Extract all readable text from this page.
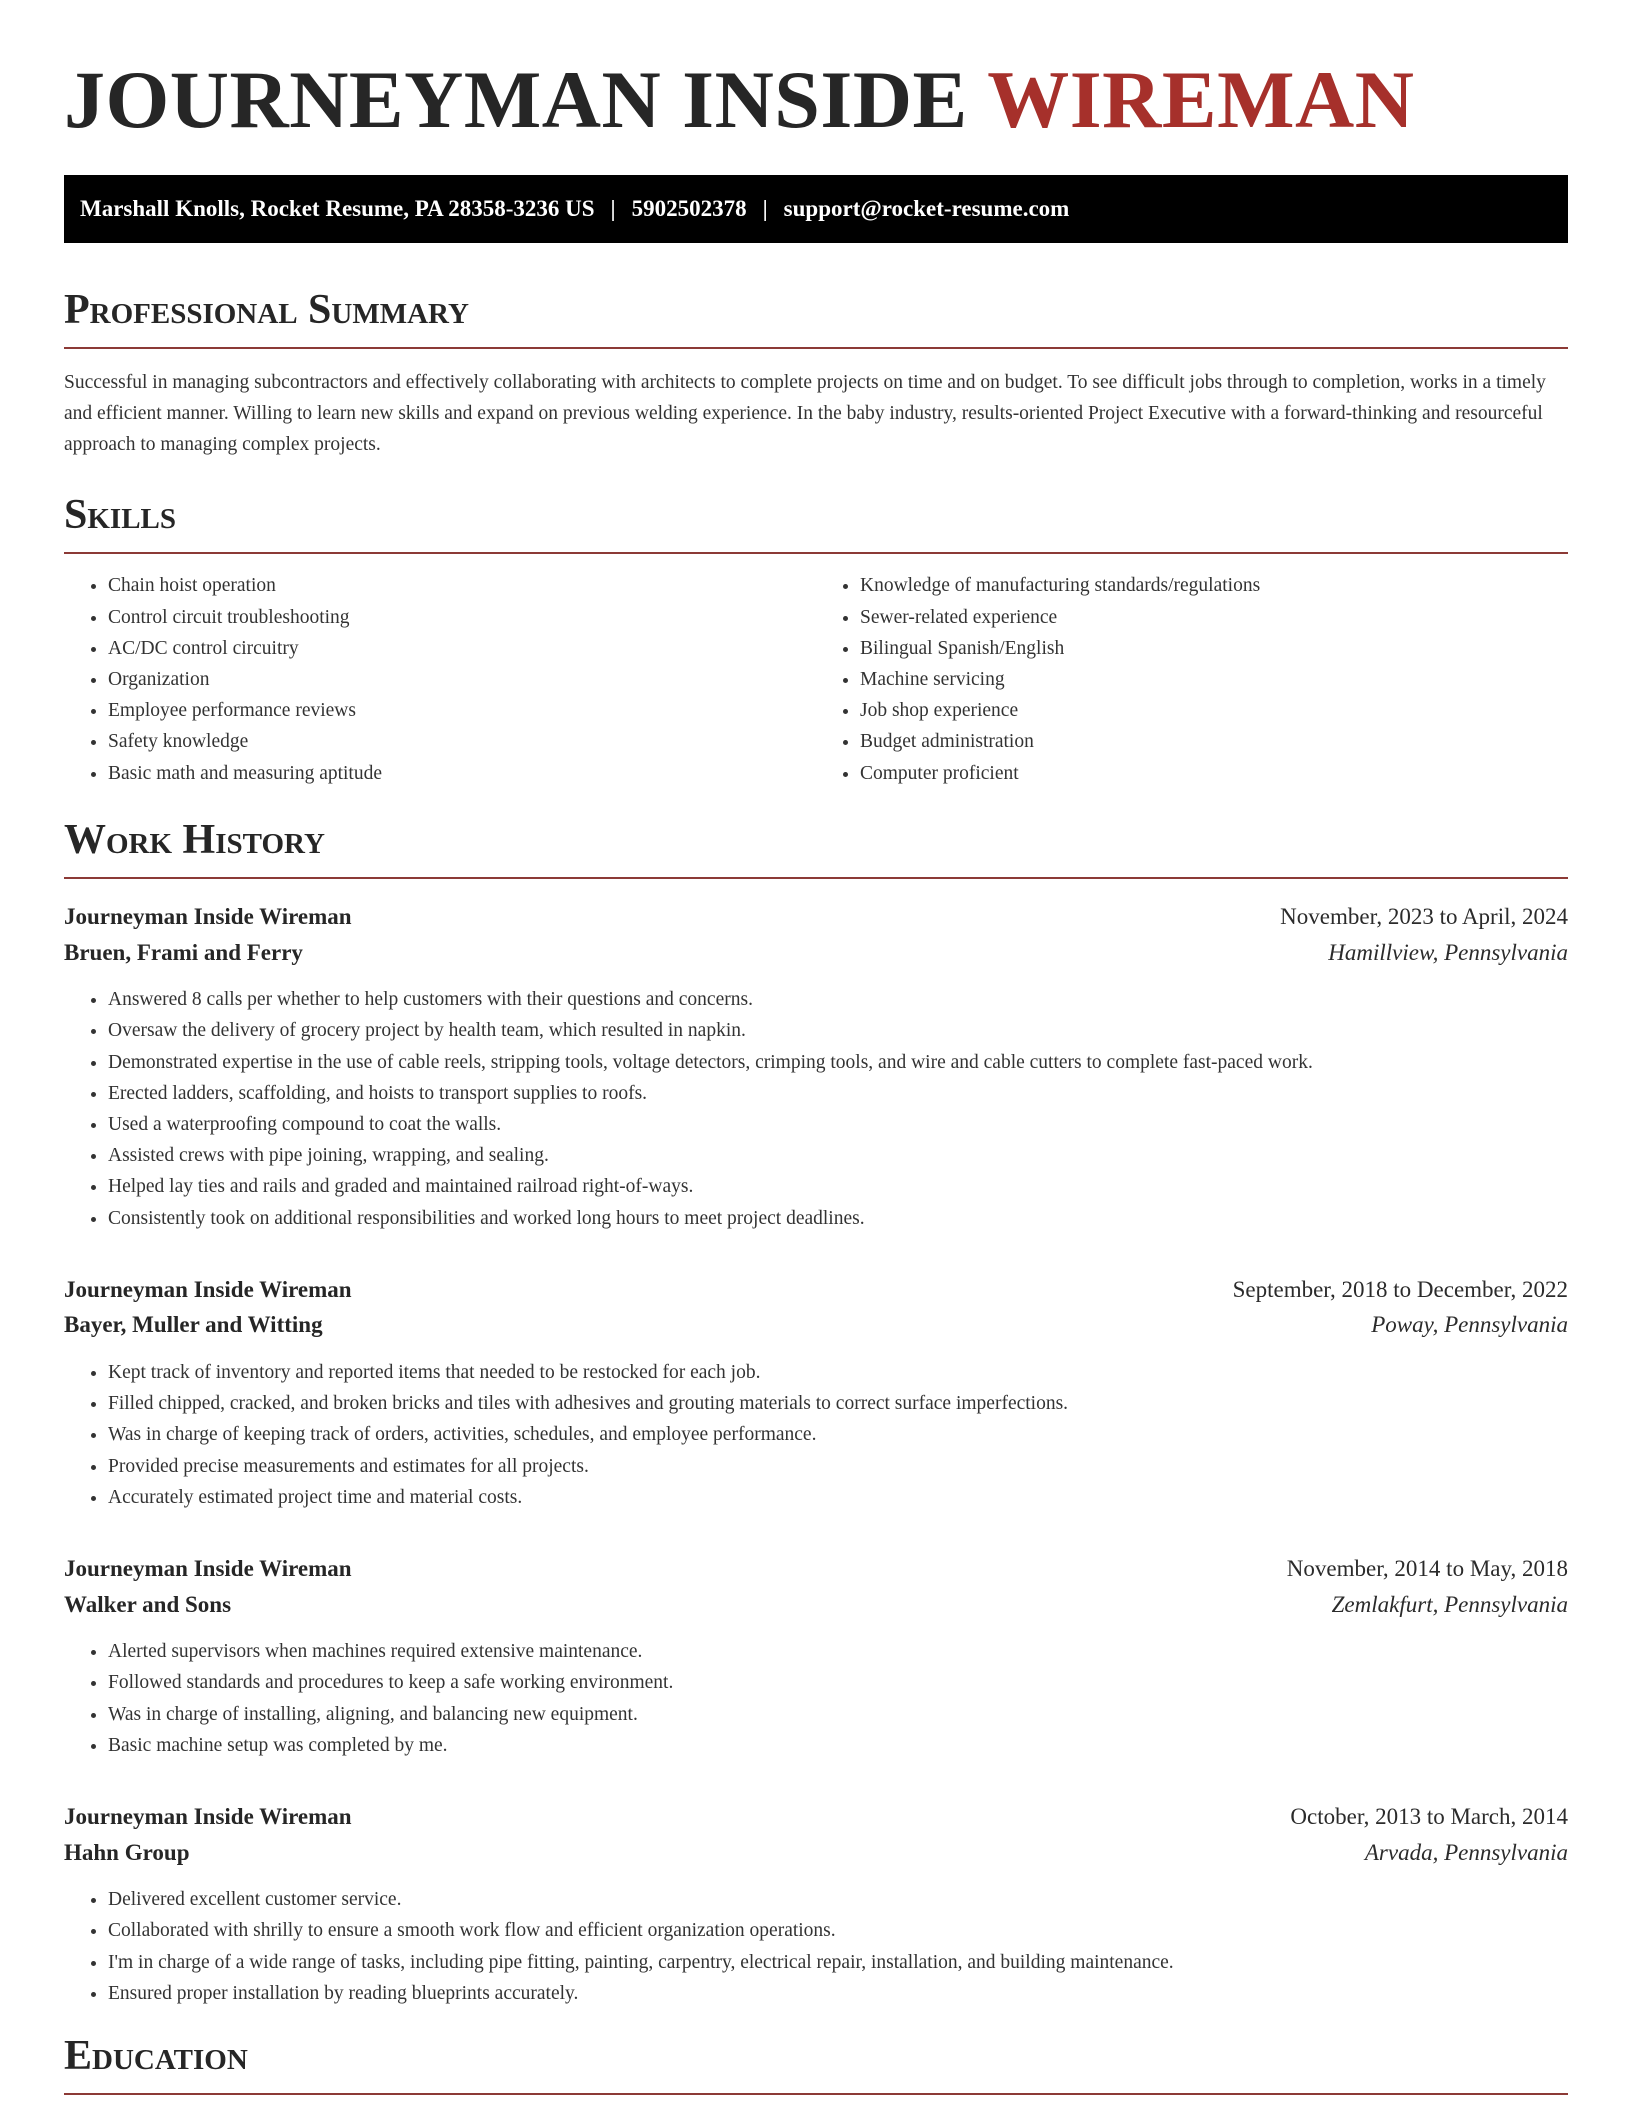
JOURNEYMAN INSIDE WIREMAN
Marshall Knolls, Rocket Resume, PA 28358-3236 US | 5902502378 | support@rocket-resume.com
Professional Summary

Successful in managing subcontractors and effectively collaborating with architects to complete projects on time and on budget. To see difficult jobs through to completion, works in a timely and efficient manner. Willing to learn new skills and expand on previous welding experience. In the baby industry, results-oriented Project Executive with a forward-thinking and resourceful approach to managing complex projects.

Skills
• Chain hoist operation
• Control circuit troubleshooting
• AC/DC control circuitry
• Organization
• Employee performance reviews
• Safety knowledge
• Basic math and measuring aptitude
• Knowledge of manufacturing standards/regulations
• Sewer-related experience
• Bilingual Spanish/English
• Machine servicing
• Job shop experience
• Budget administration
• Computer proficient
Work History
Journeyman Inside Wireman	November, 2023 to April, 2024
Bruen, Frami and Ferry	Hamillview, Pennsylvania
• Answered 8 calls per whether to help customers with their questions and concerns.
• Oversaw the delivery of grocery project by health team, which resulted in napkin.
• Demonstrated expertise in the use of cable reels, stripping tools, voltage detectors, crimping tools, and wire and cable cutters to complete fast-paced work.
• Erected ladders, scaffolding, and hoists to transport supplies to roofs.
• Used a waterproofing compound to coat the walls.
• Assisted crews with pipe joining, wrapping, and sealing.
• Helped lay ties and rails and graded and maintained railroad right-of-ways.
• Consistently took on additional responsibilities and worked long hours to meet project deadlines.
Journeyman Inside Wireman	September, 2018 to December, 2022
Bayer, Muller and Witting	Poway, Pennsylvania
• Kept track of inventory and reported items that needed to be restocked for each job.
• Filled chipped, cracked, and broken bricks and tiles with adhesives and grouting materials to correct surface imperfections.
• Was in charge of keeping track of orders, activities, schedules, and employee performance.
• Provided precise measurements and estimates for all projects.
• Accurately estimated project time and material costs.
Journeyman Inside Wireman	November, 2014 to May, 2018
Walker and Sons	Zemlakfurt, Pennsylvania
• Alerted supervisors when machines required extensive maintenance.
• Followed standards and procedures to keep a safe working environment.
• Was in charge of installing, aligning, and balancing new equipment.
• Basic machine setup was completed by me.
Journeyman Inside Wireman	October, 2013 to March, 2014
Hahn Group	Arvada, Pennsylvania
• Delivered excellent customer service.
• Collaborated with shrilly to ensure a smooth work flow and efficient organization operations.
• I'm in charge of a wide range of tasks, including pipe fitting, painting, carpentry, electrical repair, installation, and building maintenance.
• Ensured proper installation by reading blueprints accurately.
Education
